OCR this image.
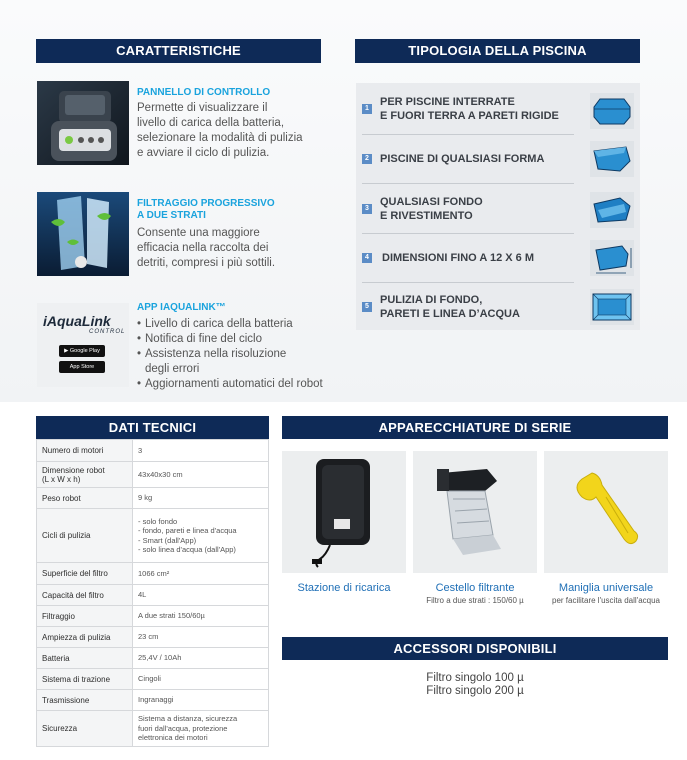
CARATTERISTICHE
PANNELLO DI CONTROLLO
Permette di visualizzare il
livello di carica della batteria,
selezionare la modalità di pulizia
e avviare il ciclo di pulizia.
FILTRAGGIO PROGRESSIVO
A DUE STRATI
Consente una maggiore
efficacia nella raccolta dei
detriti, compresi i più sottili.
iAquaLink
CONTROL
▶ Google Play
App Store
APP IAQUALINK™
• Livello di carica della batteria
• Notifica di fine del ciclo
• Assistenza nella risoluzione
degli errori
• Aggiornamenti automatici del robot
TIPOLOGIA DELLA PISCINA
1
PER PISCINE INTERRATE
E FUORI TERRA A PARETI RIGIDE
2 PISCINE DI QUALSIASI FORMA
3
QUALSIASI FONDO
E RIVESTIMENTO
4 DIMENSIONI FINO A 12 X 6 M
5
PULIZIA DI FONDO,
PARETI E LINEA D’ACQUA
DATI TECNICI
Numero di motori	3

Dimensione robot
(L x W x h)	43x40x30 cm
Peso robot	9 kg
Cicli di pulizia	- solo fondo
- fondo, pareti e linea d'acqua
- Smart (dall'App)
- solo linea d'acqua (dall'App)

Superficie del filtro	1066 cm²
Capacità del filtro	4L
Filtraggio	A due strati 150/60µ
Ampiezza di pulizia	23 cm
Batteria	25,4V / 10Ah
Sistema di trazione	Cingoli
Trasmissione	Ingranaggi
Sicurezza	Sistema a distanza, sicurezza
fuori dall'acqua, protezione
elettronica dei motori
APPARECCHIATURE DI SERIE
Stazione di ricarica	Cestello filtrante
Filtro a due strati : 150/60 µ
Maniglia universale
per facilitare l'uscita dall'acqua
ACCESSORI DISPONIBILI
Filtro singolo 100 µ
Filtro singolo 200 µ
